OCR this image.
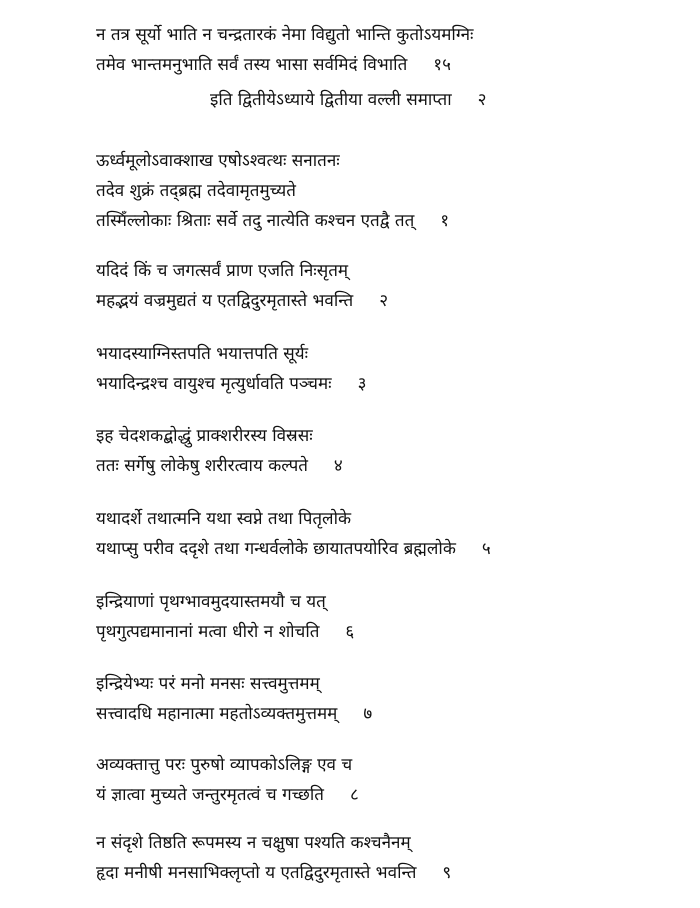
न तत्र सूर्यो भाति न चन्द्रतारकं नेमा विद्युतो भान्ति कुतोऽयमग्निः
तमेव भान्तमनुभाति सर्वं तस्य भासा सर्वमिदं विभाति १५
इति द्वितीयेऽध्याये द्वितीया वल्ली समाप्ता २
ऊर्ध्वमूलोऽवाक्शाख एषोऽश्वत्थः सनातनः
तदेव शुक्रं तद्ब्रह्म तदेवामृतमुच्यते
तस्मिँल्लोकाः श्रिताः सर्वे तदु नात्येति कश्चन एतद्वै तत् १
यदिदं किं च जगत्सर्वं प्राण एजति निःसृतम्
महद्भयं वज्रमुद्यतं य एतद्विदुरमृतास्ते भवन्ति २
भयादस्याग्निस्तपति भयात्तपति सूर्यः
भयादिन्द्रश्च वायुश्च मृत्युर्धावति पञ्चमः ३
इह चेदशकद्बोद्धुं प्राक्शरीरस्य विस्रसः
ततः सर्गेषु लोकेषु शरीरत्वाय कल्पते ४
यथादर्शे तथात्मनि यथा स्वप्ने तथा पितृलोके
यथाप्सु परीव ददृशे तथा गन्धर्वलोके छायातपयोरिव ब्रह्मलोके ५
इन्द्रियाणां पृथग्भावमुदयास्तमयौ च यत्
पृथगुत्पद्यमानानां मत्वा धीरो न शोचति ६
इन्द्रियेभ्यः परं मनो मनसः सत्त्वमुत्तमम्
सत्त्वादधि महानात्मा महतोऽव्यक्तमुत्तमम् ७
अव्यक्तात्तु परः पुरुषो व्यापकोऽलिङ्ग एव च
यं ज्ञात्वा मुच्यते जन्तुरमृतत्वं च गच्छति ८
न संदृशे तिष्ठति रूपमस्य न चक्षुषा पश्यति कश्चनैनम्
हृदा मनीषी मनसाभिक्लृप्तो य एतद्विदुरमृतास्ते भवन्ति ९
